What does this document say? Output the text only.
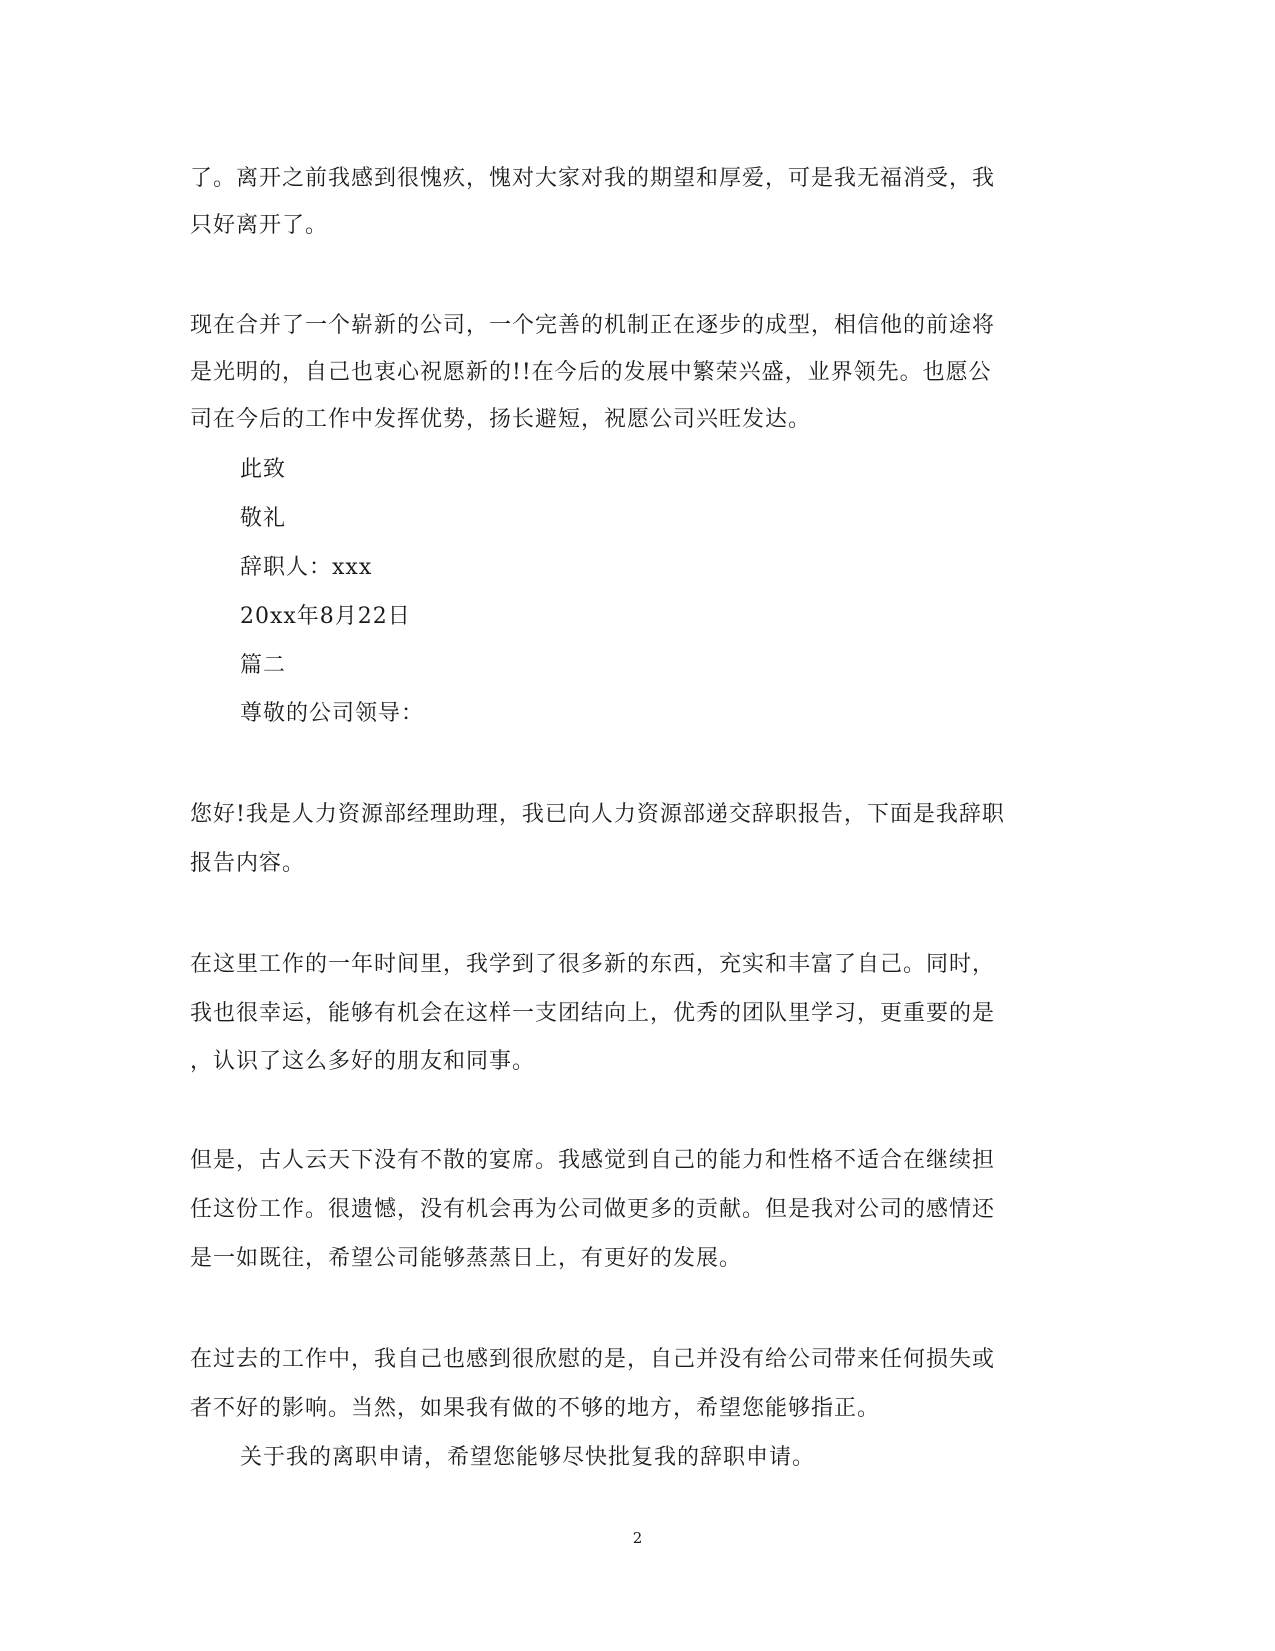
了。离开之前我感到很愧疚，愧对大家对我的期望和厚爱，可是我无福消受，我
只好离开了。
现在合并了一个崭新的公司，一个完善的机制正在逐步的成型，相信他的前途将
是光明的，自己也衷心祝愿新的!!在今后的发展中繁荣兴盛，业界领先。也愿公
司在今后的工作中发挥优势，扬长避短，祝愿公司兴旺发达。
此致
敬礼
辞职人：xxx
20xx年8月22日
篇二
尊敬的公司领导：
您好!我是人力资源部经理助理，我已向人力资源部递交辞职报告，下面是我辞职
报告内容。
在这里工作的一年时间里，我学到了很多新的东西，充实和丰富了自己。同时，
我也很幸运，能够有机会在这样一支团结向上，优秀的团队里学习，更重要的是
，认识了这么多好的朋友和同事。
但是，古人云天下没有不散的宴席。我感觉到自己的能力和性格不适合在继续担
任这份工作。很遗憾，没有机会再为公司做更多的贡献。但是我对公司的感情还
是一如既往，希望公司能够蒸蒸日上，有更好的发展。
在过去的工作中，我自己也感到很欣慰的是，自己并没有给公司带来任何损失或
者不好的影响。当然，如果我有做的不够的地方，希望您能够指正。
关于我的离职申请，希望您能够尽快批复我的辞职申请。
2
